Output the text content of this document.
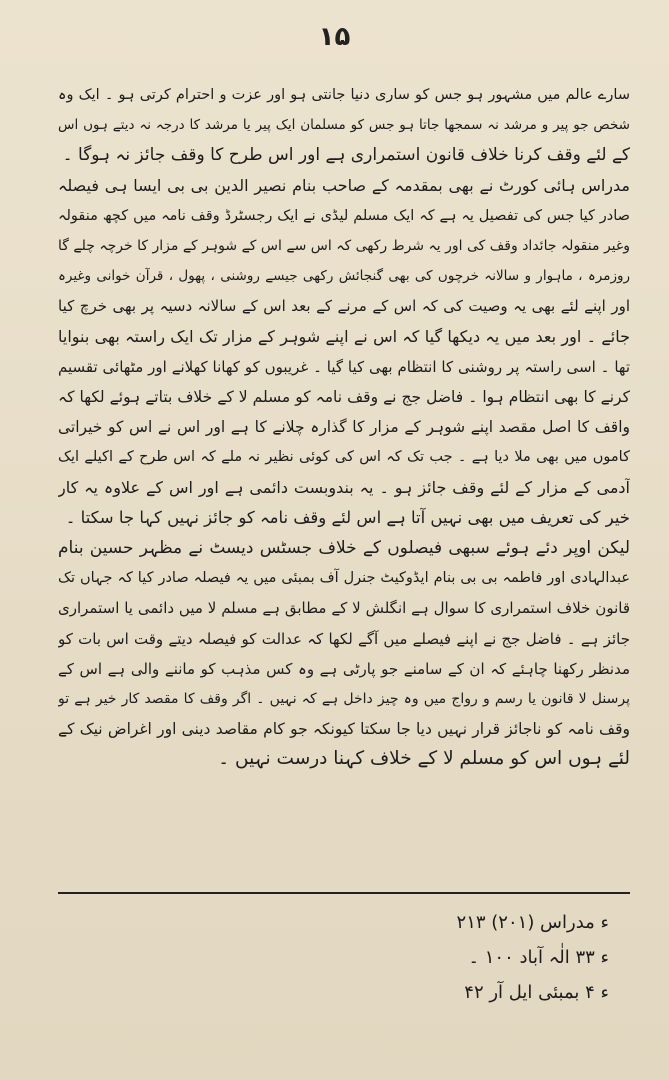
۱۵
سارے عالم میں مشہور ہو جس کو ساری دنیا جانتی ہو اور عزت و احترام کرتی ہو ۔ ایک وہ
شخص جو پیر و مرشد نہ سمجھا جاتا ہو جس کو مسلمان ایک پیر یا مرشد کا درجہ نہ دیتے ہوں اس
کے لئے وقف کرنا خلاف قانون استمراری ہے اور اس طرح کا وقف جائز نہ ہوگا ۔
مدراس ہائی کورٹ نے بھی بمقدمہ کے صاحب بنام نصیر الدین بی بی ایسا ہی فیصلہ
صادر کیا جس کی تفصیل یہ ہے کہ ایک مسلم لیڈی نے ایک رجسٹرڈ وقف نامہ میں کچھ منقولہ
وغیر منقولہ جائداد وقف کی اور یہ شرط رکھی کہ اس سے اس کے شوہر کے مزار کا خرچہ چلے گا
روزمرہ ، ماہوار و سالانہ خرچوں کی بھی گنجائش رکھی جیسے روشنی ، پھول ، قرآن خوانی وغیرہ
اور اپنے لئے بھی یہ وصیت کی کہ اس کے مرنے کے بعد اس کے سالانہ دسیہ پر بھی خرچ کیا
جائے ۔ اور بعد میں یہ دیکھا گیا کہ اس نے اپنے شوہر کے مزار تک ایک راستہ بھی بنوایا
تھا ۔ اسی راستہ پر روشنی کا انتظام بھی کیا گیا ۔ غریبوں کو کھانا کھلانے اور مٹھائی تقسیم
کرنے کا بھی انتظام ہوا ۔ فاضل جج نے وقف نامہ کو مسلم لا کے خلاف بتاتے ہوئے لکھا کہ
واقف کا اصل مقصد اپنے شوہر کے مزار کا گذارہ چلانے کا ہے اور اس نے اس کو خیراتی
کاموں میں بھی ملا دیا ہے ۔ جب تک کہ اس کی کوئی نظیر نہ ملے کہ اس طرح کے اکیلے ایک
آدمی کے مزار کے لئے وقف جائز ہو ۔ یہ بندوبست دائمی ہے اور اس کے علاوہ یہ کار
خیر کی تعریف میں بھی نہیں آتا ہے اس لئے وقف نامہ کو جائز نہیں کہا جا سکتا ۔
لیکن اوپر دئے ہوئے سبھی فیصلوں کے خلاف جسٹس دیسٹ نے مظہر حسین بنام
عبدالہادی اور فاطمہ بی بی بنام ایڈوکیٹ جنرل آف بمبئی میں یہ فیصلہ صادر کیا کہ جہاں تک
قانون خلاف استمراری کا سوال ہے انگلش لا کے مطابق ہے مسلم لا میں دائمی یا استمراری
جائز ہے ۔ فاضل جج نے اپنے فیصلے میں آگے لکھا کہ عدالت کو فیصلہ دیتے وقت اس بات کو
مدنظر رکھنا چاہئے کہ ان کے سامنے جو پارٹی ہے وہ کس مذہب کو ماننے والی ہے اس کے
پرسنل لا قانون یا رسم و رواج میں وہ چیز داخل ہے کہ نہیں ۔ اگر وقف کا مقصد کار خیر ہے تو
وقف نامہ کو ناجائز قرار نہیں دیا جا سکتا کیونکہ جو کام مقاصد دینی اور اغراض نیک کے
لئے ہوں اس کو مسلم لا کے خلاف کہنا درست نہیں ۔
ء مدراس (۲۰۱) ۲۱۳
ء ۳۳ الٰہ آباد ۱۰۰ ۔
ء ۴ بمبئی ایل آر ۴۲
